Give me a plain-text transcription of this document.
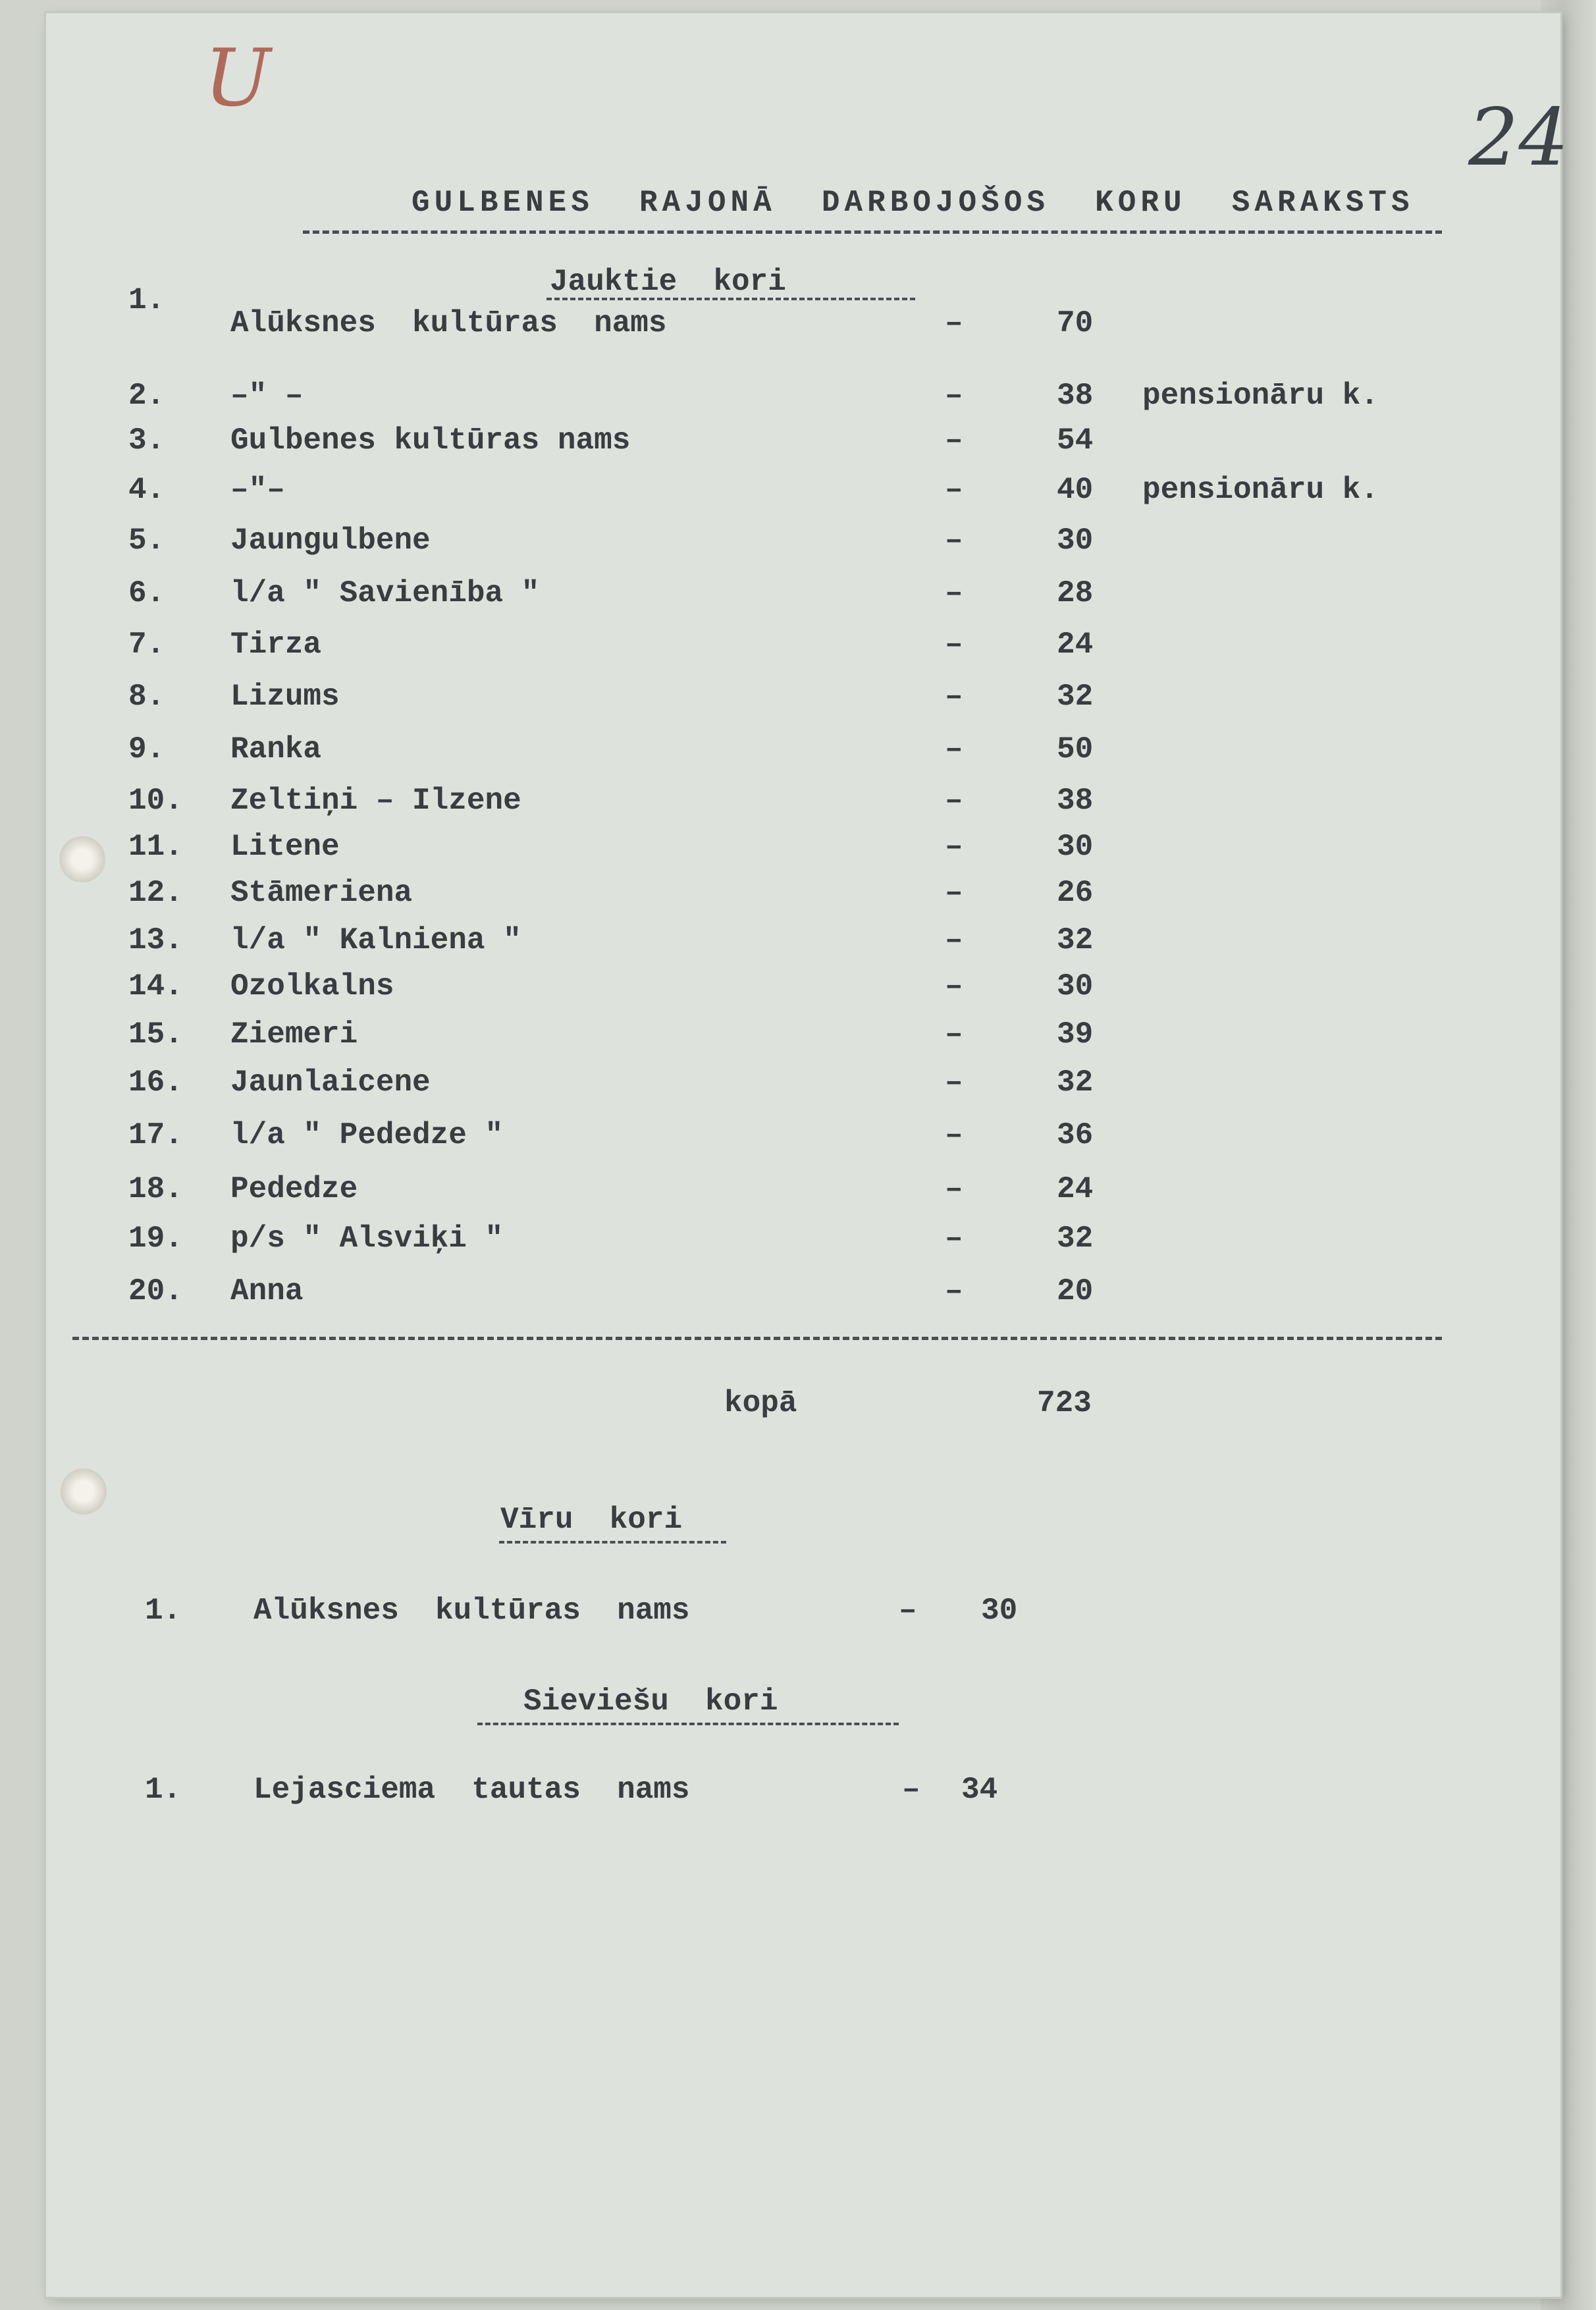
U
24
GULBENES  RAJONĀ  DARBOJOŠOS  KORU  SARAKSTS
Jauktie  kori
1.
Alūksnes  kultūras  nams	–	70
2. –" –	–	38 pensionāru k.
3. Gulbenes kultūras nams	–	54
4. –"–	–	40 pensionāru k.
5. Jaungulbene	–	30
6. l/a " Savienība "	–	28
7. Tirza	–	24
8. Lizums	–	32
9. Ranka	–	50
10. Zeltiņi – Ilzene	–	38
11. Litene	–	30
12. Stāmeriena	–	26
13. l/a " Kalniena "	–	32
14. Ozolkalns	–	30
15. Ziemeri	–	39
16. Jaunlaicene	–	32
17. l/a " Pededze "	–	36
18. Pededze	–	24
19. p/s " Alsviķi "	–	32
20. Anna	–	20
kopā	723
Vīru  kori
1. Alūksnes  kultūras  nams	– 30
Sieviešu  kori
1. Lejasciema  tautas  nams	– 34
